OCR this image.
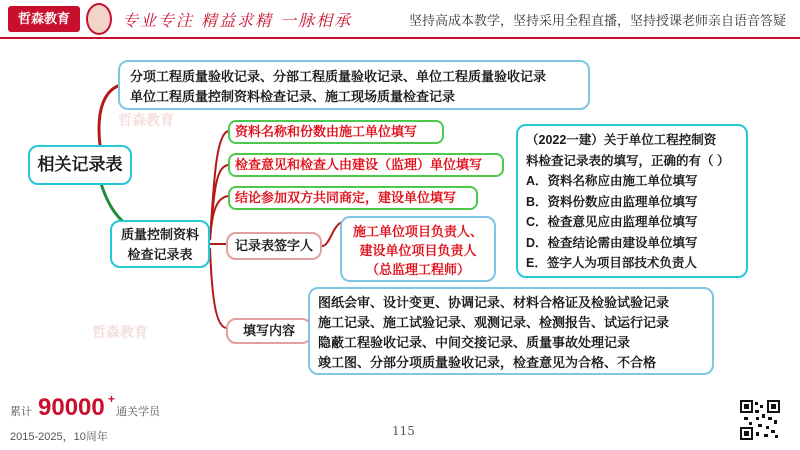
哲森教育	专业专注 精益求精 一脉相承	坚持高成本教学，坚持采用全程直播，坚持授课老师亲自语音答疑
哲森教育
哲森教育
相关记录表
分项工程质量验收记录、分部工程质量验收记录、单位工程质量验收记录
单位工程质量控制资料检查记录、施工现场质量检查记录
质量控制资料
检查记录表
资料名称和份数由施工单位填写
检查意见和检查人由建设（监理）单位填写
结论参加双方共同商定，建设单位填写
记录表签字人
施工单位项目负责人、
建设单位项目负责人
（总监理工程师）
填写内容
图纸会审、设计变更、协调记录、材料合格证及检验试验记录
施工记录、施工试验记录、观测记录、检测报告、试运行记录
隐蔽工程验收记录、中间交接记录、质量事故处理记录
竣工图、分部分项质量验收记录，检查意见为合格、不合格
（2022一建）关于单位工程控制资
料检查记录表的填写，正确的有（ ）
A．资料名称应由施工单位填写
B．资料份数应由监理单位填写
C．检查意见应由监理单位填写
D．检查结论需由建设单位填写
E．签字人为项目部技术负责人
累计 90000 +
通关学员
2015-2025，10周年	115
